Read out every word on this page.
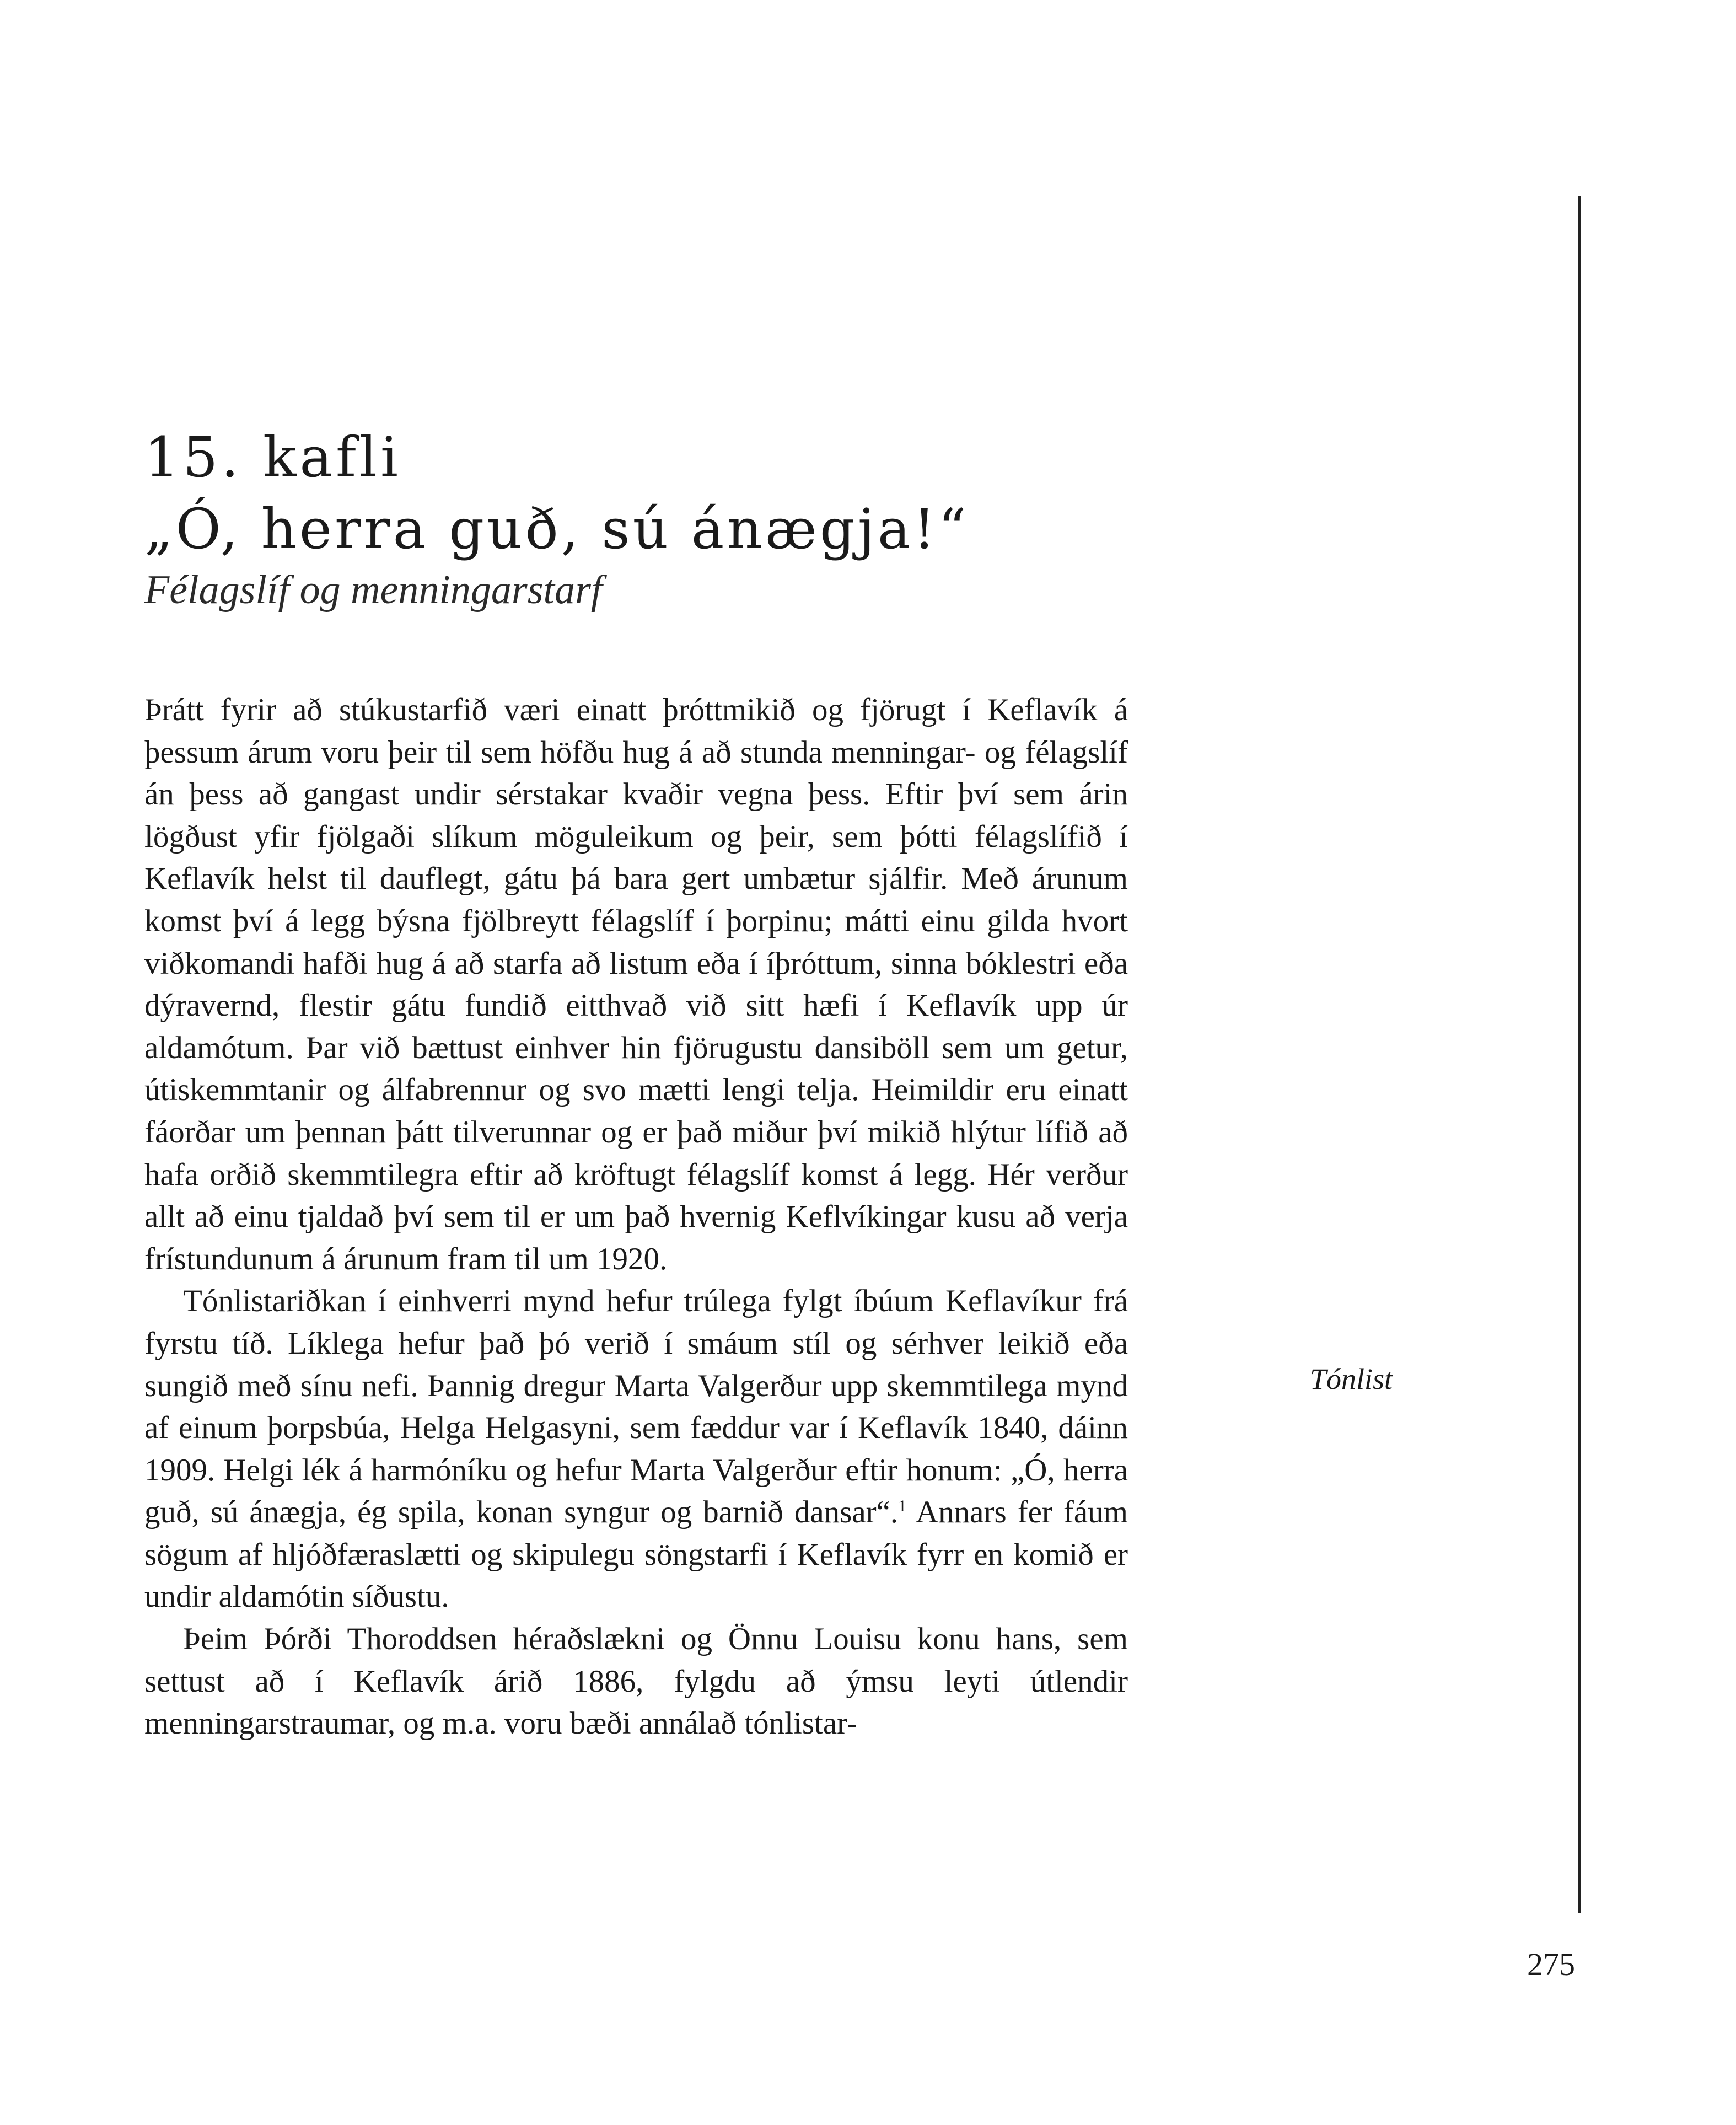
15. kafli
„Ó, herra guð, sú ánægja!“

Félagslíf og menningarstarf

Þrátt fyrir að stúkustarfið væri einatt þróttmikið og fjörugt í Keflavík á þessum árum voru þeir til sem höfðu hug á að stunda menningar- og félagslíf án þess að gangast undir sérstakar kvaðir vegna þess. Eftir því sem árin lögðust yfir fjölgaði slíkum möguleikum og þeir, sem þótti félagslífið í Keflavík helst til dauflegt, gátu þá bara gert umbætur sjálfir. Með árunum komst því á legg býsna fjölbreytt félagslíf í þorpinu; mátti einu gilda hvort viðkomandi hafði hug á að starfa að listum eða í íþróttum, sinna bóklestri eða dýravernd, flestir gátu fundið eitthvað við sitt hæfi í Keflavík upp úr aldamótum. Þar við bættust einhver hin fjörugustu dansiböll sem um getur, útiskemmtanir og álfabrennur og svo mætti lengi telja. Heimildir eru einatt fáorðar um þennan þátt tilverunnar og er það miður því mikið hlýtur lífið að hafa orðið skemmtilegra eftir að kröftugt félagslíf komst á legg. Hér verður allt að einu tjaldað því sem til er um það hvernig Keflvíkingar kusu að verja frístundunum á árunum fram til um 1920.

Tónlistariðkan í einhverri mynd hefur trúlega fylgt íbúum Keflavíkur frá fyrstu tíð. Líklega hefur það þó verið í smáum stíl og sérhver leikið eða sungið með sínu nefi. Þannig dregur Marta Valgerður upp skemmtilega mynd af einum þorpsbúa, Helga Helgasyni, sem fæddur var í Keflavík 1840, dáinn 1909. Helgi lék á harmóníku og hefur Marta Valgerður eftir honum: „Ó, herra guð, sú ánægja, ég spila, konan syngur og barnið dansar“.$^1$ Annars fer fáum sögum af hljóðfæraslætti og skipulegu söngstarfi í Keflavík fyrr en komið er undir aldamótin síðustu.

Þeim Þórði Thoroddsen héraðslækni og Önnu Louisu konu hans, sem settust að í Keflavík árið 1886, fylgdu að ýmsu leyti útlendir menningarstraumar, og m.a. voru bæði annálað tónlistar-

Tónlist
275
